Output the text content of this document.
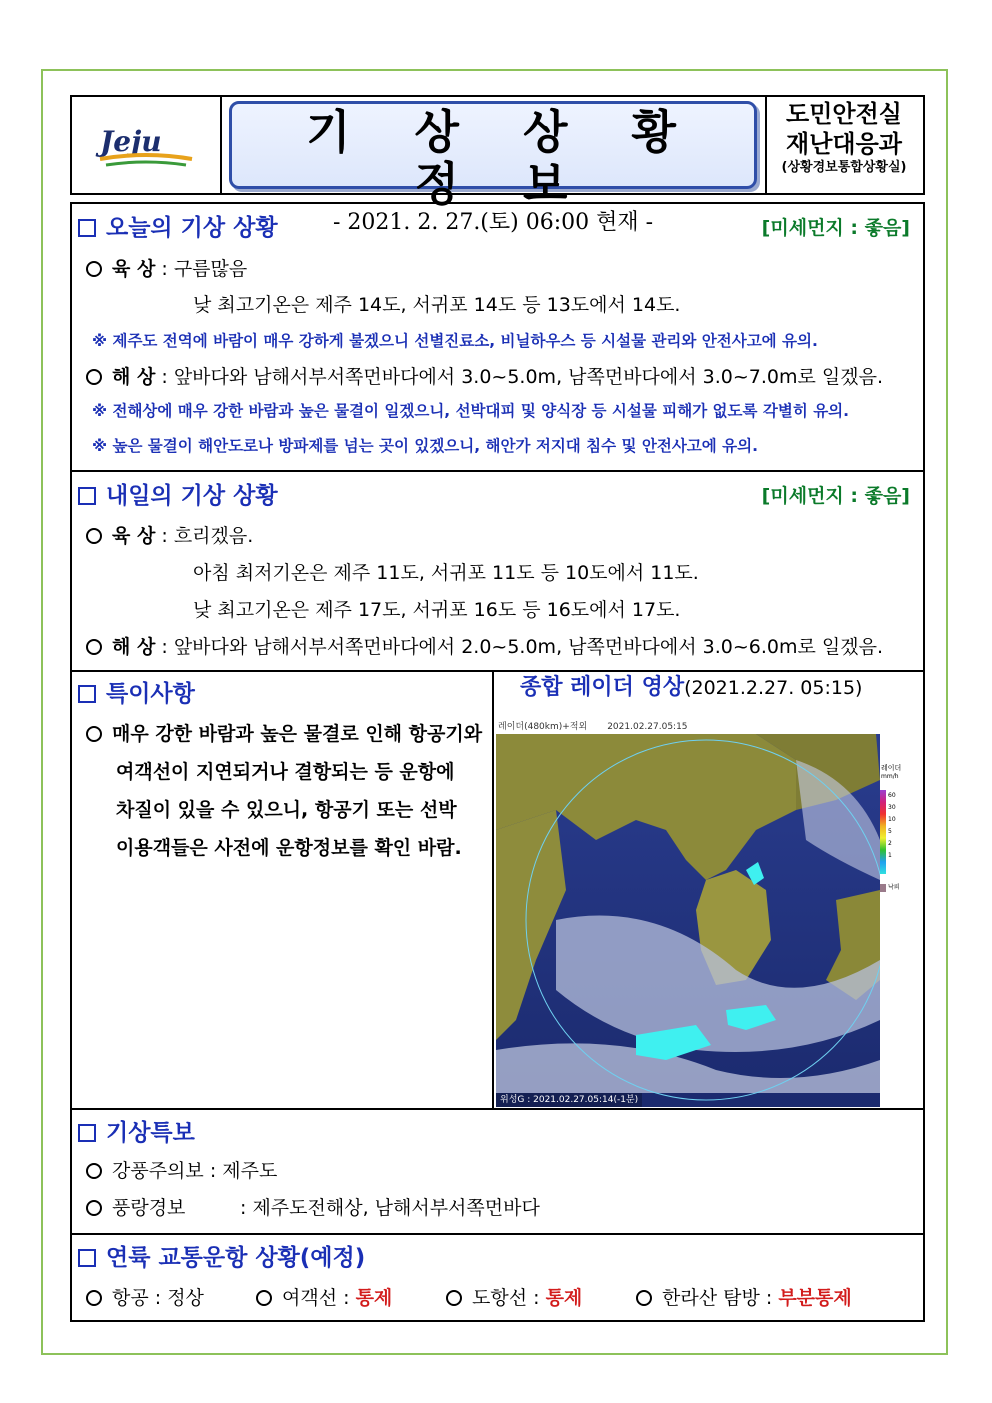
Jeju	기 상 상 황 정 보
- 2021. 2. 27.(토) 06:00 현재 -
도민안전실
재난대응과
(상황경보통합상황실)
오늘의 기상 상황	[미세먼지 : 좋음]
육 상 : 구름많음
낮 최고기온은 제주 14도, 서귀포 14도 등 13도에서 14도.
※ 제주도 전역에 바람이 매우 강하게 불겠으니 선별진료소, 비닐하우스 등 시설물 관리와 안전사고에 유의.
해 상 : 앞바다와 남해서부서쪽먼바다에서 3.0~5.0m, 남쪽먼바다에서 3.0~7.0m로 일겠음.
※ 전해상에 매우 강한 바람과 높은 물결이 일겠으니, 선박대피 및 양식장 등 시설물 피해가 없도록 각별히 유의.
※ 높은 물결이 해안도로나 방파제를 넘는 곳이 있겠으니, 해안가 저지대 침수 및 안전사고에 유의.
내일의 기상 상황	[미세먼지 : 좋음]
육 상 : 흐리겠음.
아침 최저기온은 제주 11도, 서귀포 11도 등 10도에서 11도.
낮 최고기온은 제주 17도, 서귀포 16도 등 16도에서 17도.
해 상 : 앞바다와 남해서부서쪽먼바다에서 2.0~5.0m, 남쪽먼바다에서 3.0~6.0m로 일겠음.
특이사항
매우 강한 바람과 높은 물결로 인해 항공기와
여객선이 지연되거나 결항되는 등 운항에
차질이 있을 수 있으니, 항공기 또는 선박
이용객들은 사전에 운항정보를 확인 바람.
종합 레이더 영상(2021.2.27. 05:15)
레이더(480km)+적외 2021.02.27.05:15
레이더
mm/h
60
30
10
5
2
1
낙뢰
위성G : 2021.02.27.05:14(-1분)
기상특보
강풍주의보 : 제주도
풍랑경보	: 제주도전해상, 남해서부서쪽먼바다
연륙 교통운항 상황(예정)
항공 : 정상	여객선 : 통제	도항선 : 통제	한라산 탐방 : 부분통제
